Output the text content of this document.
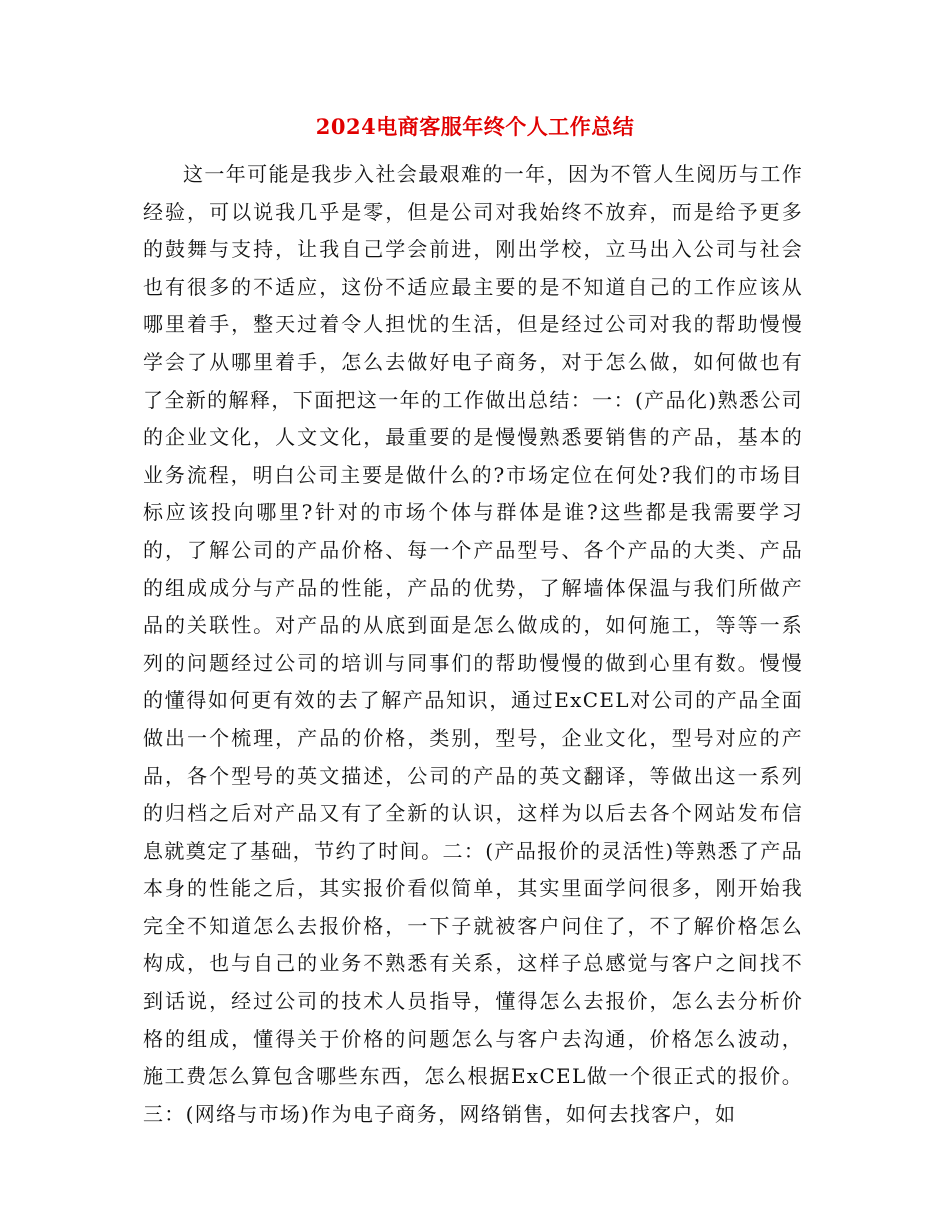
2024电商客服年终个人工作总结

这一年可能是我步入社会最艰难的一年，因为不管人生阅历与工作经验，可以说我几乎是零，但是公司对我始终不放弃，而是给予更多的鼓舞与支持，让我自己学会前进，刚出学校，立马出入公司与社会也有很多的不适应，这份不适应最主要的是不知道自己的工作应该从哪里着手，整天过着令人担忧的生活，但是经过公司对我的帮助慢慢学会了从哪里着手，怎么去做好电子商务，对于怎么做，如何做也有了全新的解释，下面把这一年的工作做出总结：一：(产品化)熟悉公司的企业文化，人文文化，最重要的是慢慢熟悉要销售的产品，基本的业务流程，明白公司主要是做什么的?市场定位在何处?我们的市场目标应该投向哪里?针对的市场个体与群体是谁?这些都是我需要学习的，了解公司的产品价格、每一个产品型号、各个产品的大类、产品的组成成分与产品的性能，产品的优势，了解墙体保温与我们所做产品的关联性。对产品的从底到面是怎么做成的，如何施工，等等一系列的问题经过公司的培训与同事们的帮助慢慢的做到心里有数。慢慢的懂得如何更有效的去了解产品知识，通过ExCEL对公司的产品全面做出一个梳理，产品的价格，类别，型号，企业文化，型号对应的产品，各个型号的英文描述，公司的产品的英文翻译，等做出这一系列的归档之后对产品又有了全新的认识，这样为以后去各个网站发布信息就奠定了基础，节约了时间。二：(产品报价的灵活性)等熟悉了产品本身的性能之后，其实报价看似简单，其实里面学问很多，刚开始我完全不知道怎么去报价格，一下子就被客户问住了，不了解价格怎么构成，也与自己的业务不熟悉有关系，这样子总感觉与客户之间找不到话说，经过公司的技术人员指导，懂得怎么去报价，怎么去分析价格的组成，懂得关于价格的问题怎么与客户去沟通，价格怎么波动，施工费怎么算包含哪些东西，怎么根据ExCEL做一个很正式的报价。三：(网络与市场)作为电子商务，网络销售，如何去找客户，如
